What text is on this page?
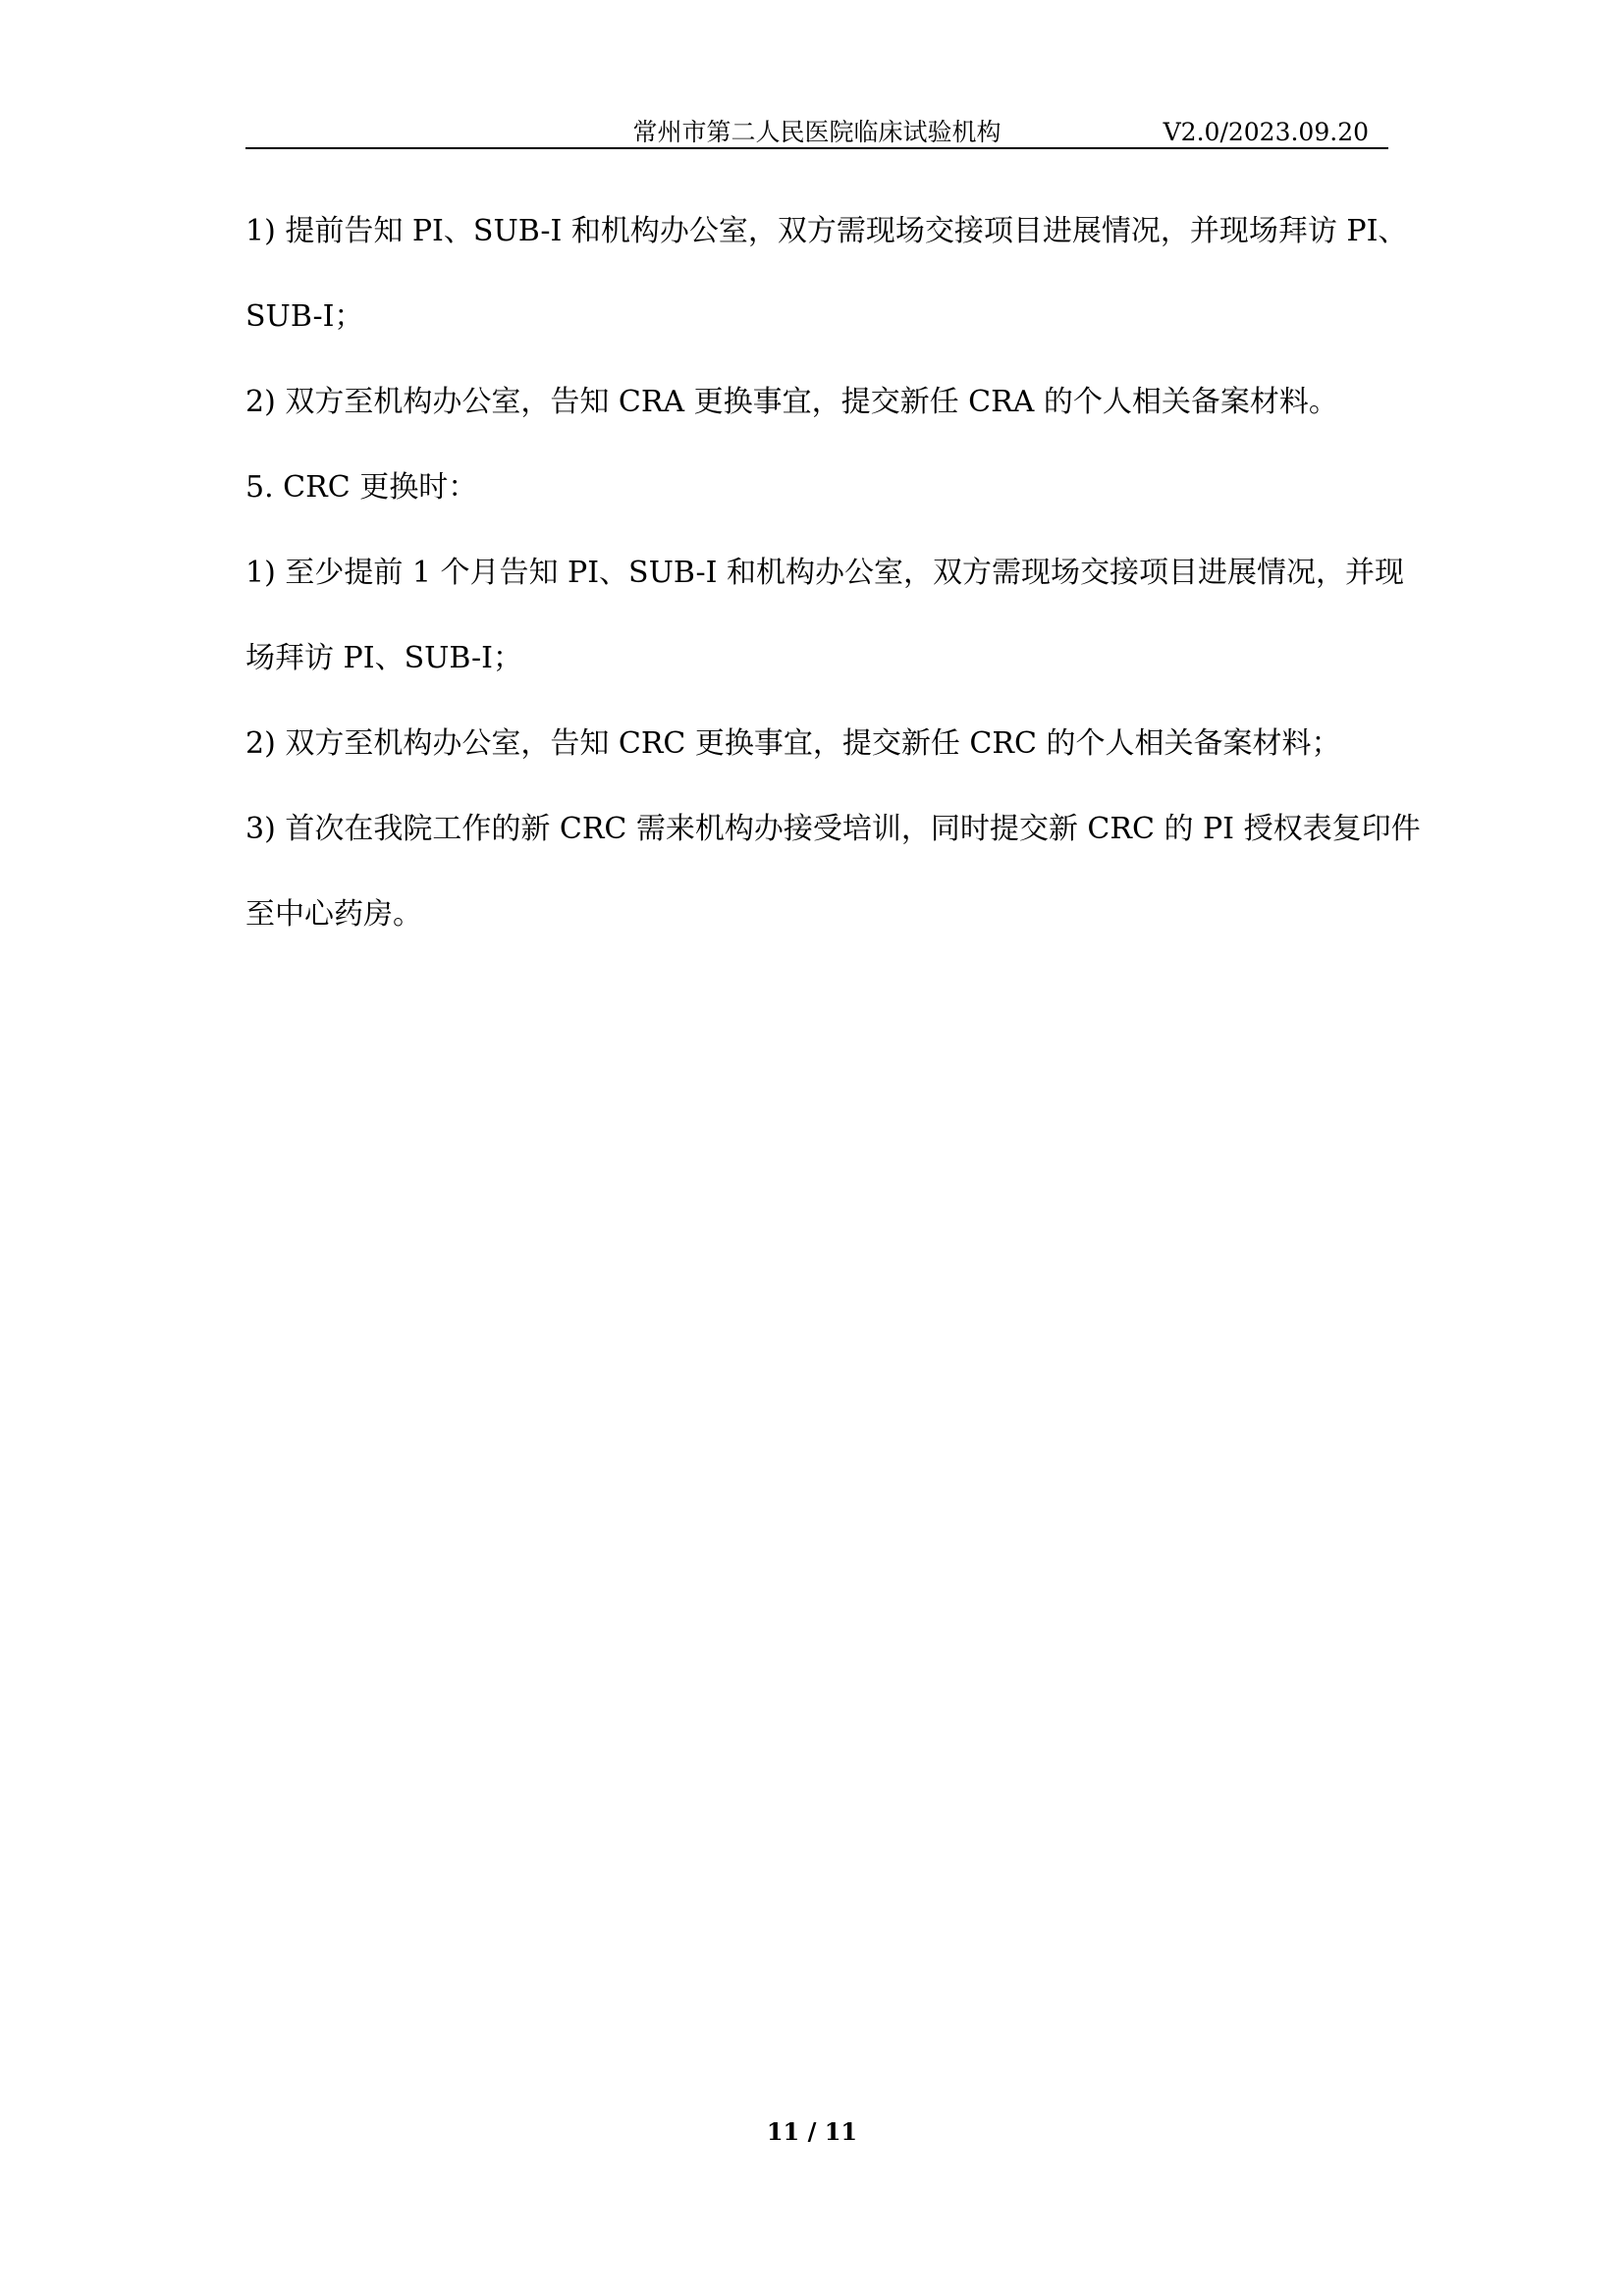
常州市第二人民医院临床试验机构	V2.0/2023.09.20
1) 提前告知 PI、SUB-I 和机构办公室，双方需现场交接项目进展情况，并现场拜访 PI、
SUB-I；
2) 双方至机构办公室，告知 CRA 更换事宜，提交新任 CRA 的个人相关备案材料。
5. CRC 更换时：
1) 至少提前 1 个月告知 PI、SUB-I 和机构办公室，双方需现场交接项目进展情况，并现
场拜访 PI、SUB-I；
2) 双方至机构办公室，告知 CRC 更换事宜，提交新任 CRC 的个人相关备案材料；
3) 首次在我院工作的新 CRC 需来机构办接受培训，同时提交新 CRC 的 PI 授权表复印件
至中心药房。
11 / 11
